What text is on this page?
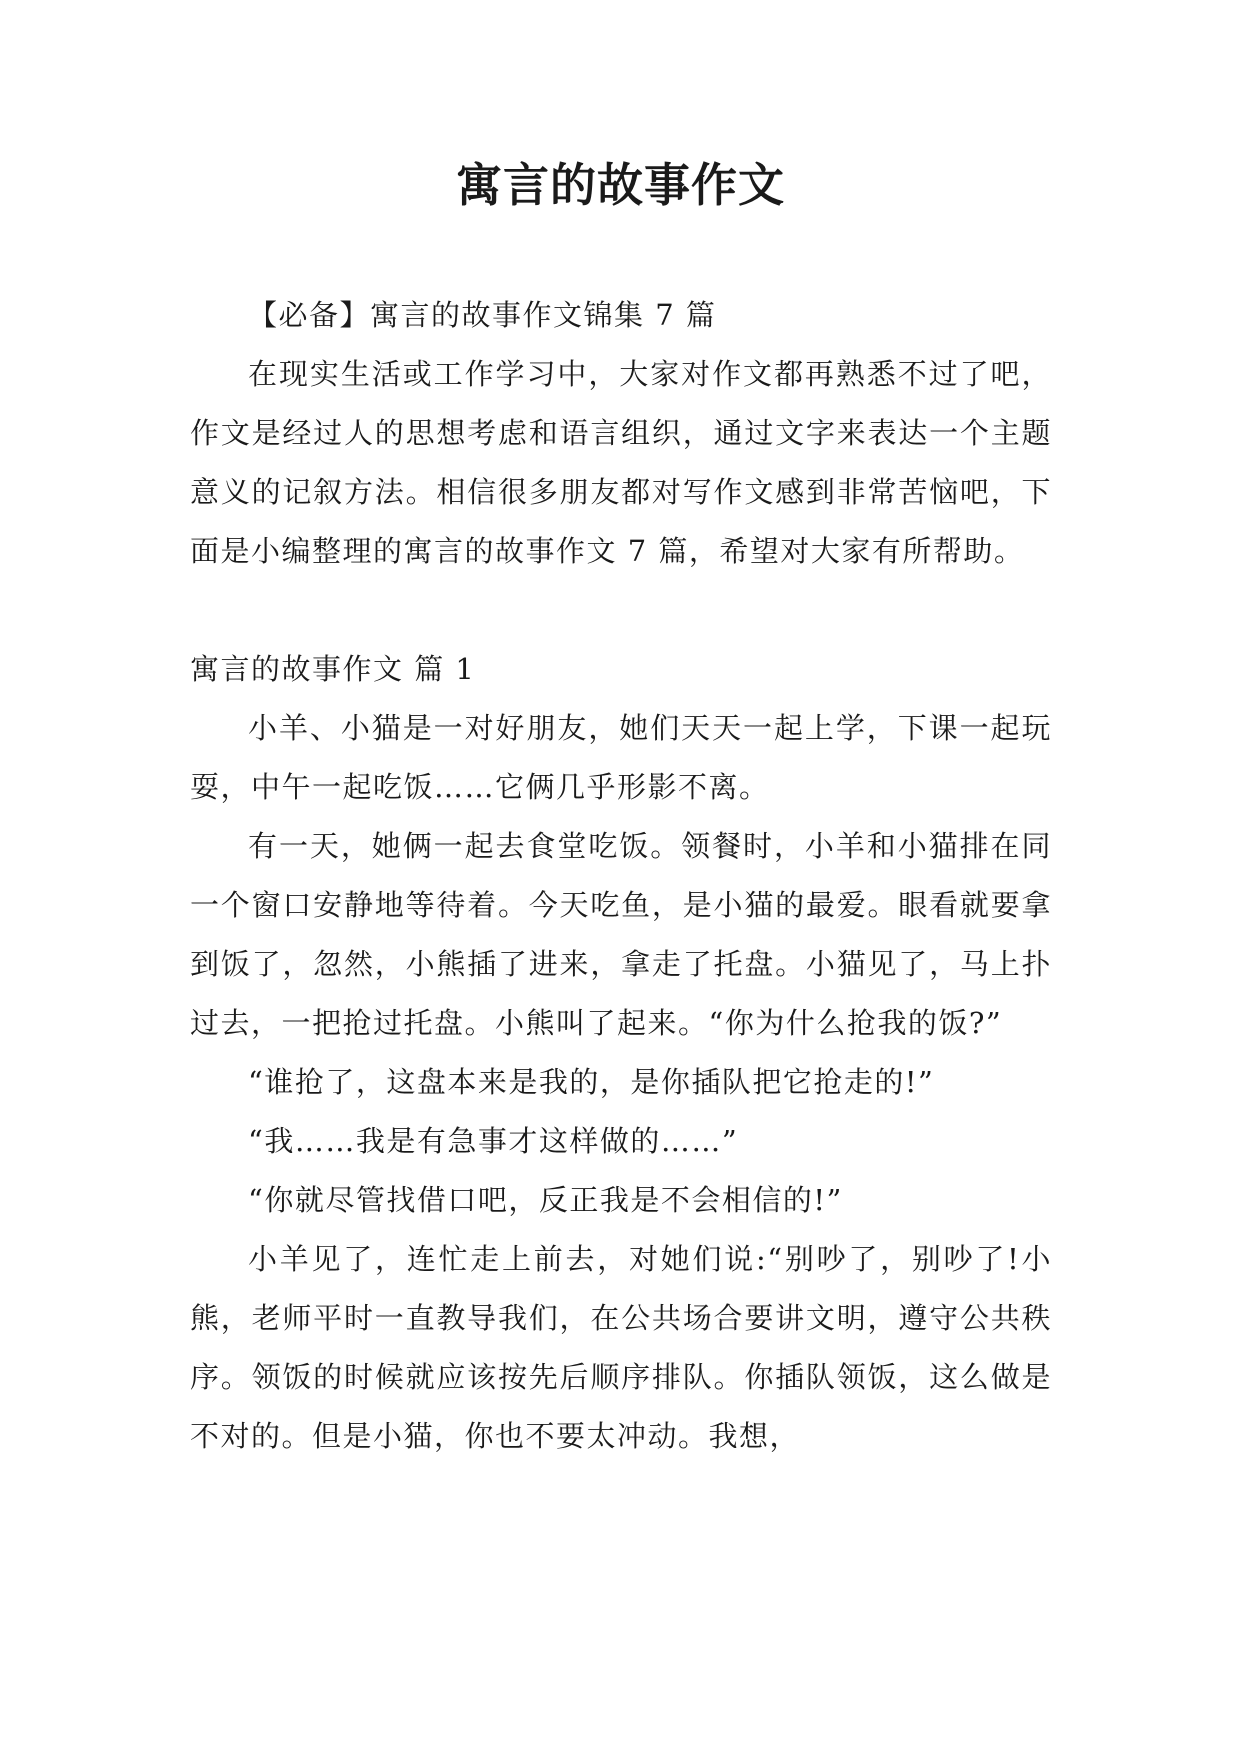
寓言的故事作文

【必备】寓言的故事作文锦集 7 篇

在现实生活或工作学习中，大家对作文都再熟悉不过了吧，作文是经过人的思想考虑和语言组织，通过文字来表达一个主题意义的记叙方法。相信很多朋友都对写作文感到非常苦恼吧，下面是小编整理的寓言的故事作文 7 篇，希望对大家有所帮助。

寓言的故事作文 篇 1

小羊、小猫是一对好朋友，她们天天一起上学，下课一起玩耍，中午一起吃饭……它俩几乎形影不离。

有一天，她俩一起去食堂吃饭。领餐时，小羊和小猫排在同一个窗口安静地等待着。今天吃鱼，是小猫的最爱。眼看就要拿到饭了，忽然，小熊插了进来，拿走了托盘。小猫见了，马上扑过去，一把抢过托盘。小熊叫了起来。“你为什么抢我的饭?”

“谁抢了，这盘本来是我的，是你插队把它抢走的!”

“我……我是有急事才这样做的……”

“你就尽管找借口吧，反正我是不会相信的!”

小羊见了，连忙走上前去，对她们说:“别吵了，别吵了!小熊，老师平时一直教导我们，在公共场合要讲文明，遵守公共秩序。领饭的时候就应该按先后顺序排队。你插队领饭，这么做是不对的。但是小猫，你也不要太冲动。我想，
